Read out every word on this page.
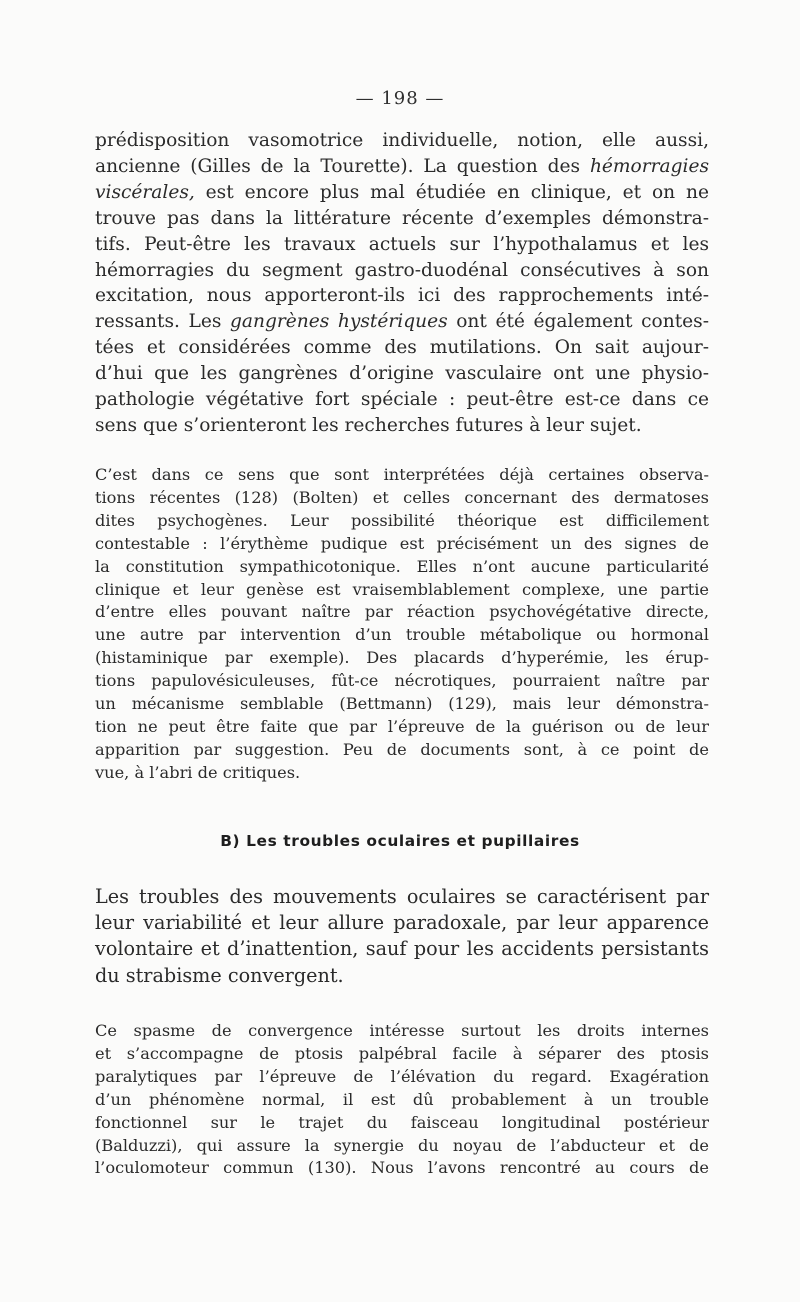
— 198 —
prédisposition vasomotrice individuelle, notion, elle aussi,
ancienne (Gilles de la Tourette). La question des hémorragies
viscérales, est encore plus mal étudiée en clinique, et on ne
trouve pas dans la littérature récente d’exemples démonstra-
tifs. Peut-être les travaux actuels sur l’hypothalamus et les
hémorragies du segment gastro-duodénal consécutives à son
excitation, nous apporteront-ils ici des rapprochements inté-
ressants. Les gangrènes hystériques ont été également contes-
tées et considérées comme des mutilations. On sait aujour-
d’hui que les gangrènes d’origine vasculaire ont une physio-
pathologie végétative fort spéciale : peut-être est-ce dans ce
sens que s’orienteront les recherches futures à leur sujet.
C’est dans ce sens que sont interprétées déjà certaines observa-
tions récentes (128) (Bolten) et celles concernant des dermatoses
dites psychogènes. Leur possibilité théorique est difficilement
contestable : l’érythème pudique est précisément un des signes de
la constitution sympathicotonique. Elles n’ont aucune particularité
clinique et leur genèse est vraisemblablement complexe, une partie
d’entre elles pouvant naître par réaction psychovégétative directe,
une autre par intervention d’un trouble métabolique ou hormonal
(histaminique par exemple). Des placards d’hyperémie, les érup-
tions papulovésiculeuses, fût-ce nécrotiques, pourraient naître par
un mécanisme semblable (Bettmann) (129), mais leur démonstra-
tion ne peut être faite que par l’épreuve de la guérison ou de leur
apparition par suggestion. Peu de documents sont, à ce point de
vue, à l’abri de critiques.
B) Les troubles oculaires et pupillaires
Les troubles des mouvements oculaires se caractérisent par
leur variabilité et leur allure paradoxale, par leur apparence
volontaire et d’inattention, sauf pour les accidents persistants
du strabisme convergent.
Ce spasme de convergence intéresse surtout les droits internes
et s’accompagne de ptosis palpébral facile à séparer des ptosis
paralytiques par l’épreuve de l’élévation du regard. Exagération
d’un phénomène normal, il est dû probablement à un trouble
fonctionnel sur le trajet du faisceau longitudinal postérieur
(Balduzzi), qui assure la synergie du noyau de l’abducteur et de
l’oculomoteur commun (130). Nous l’avons rencontré au cours de
